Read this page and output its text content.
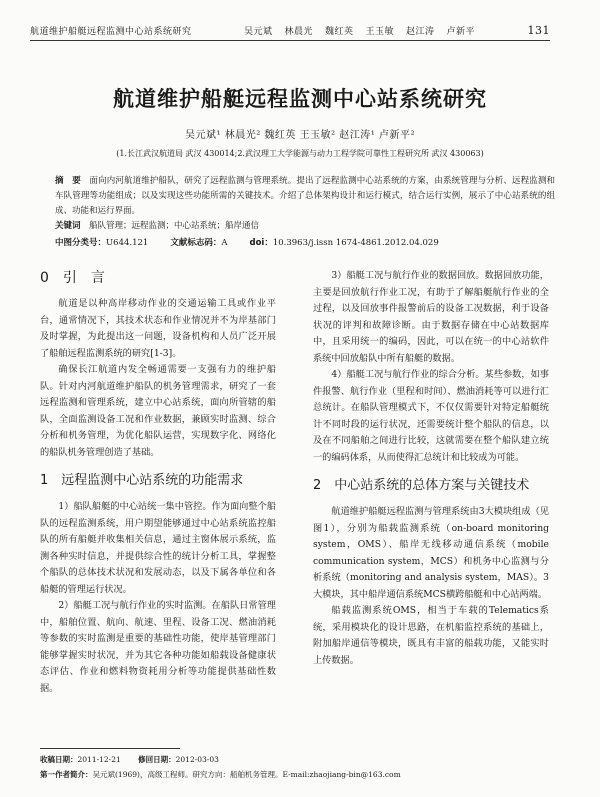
航道维护船艇远程监测中心站系统研究	吴元斌 林晨光 魏红英 王玉敏 赵江涛 卢新平	131
航道维护船艇远程监测中心站系统研究
吴元斌¹ 林晨光² 魏红英 王玉敏² 赵江涛¹ 卢新平²
(1.长江武汉航道局 武汉 430014;2.武汉理工大学能源与动力工程学院可靠性工程研究所 武汉 430063)
摘　要　 面向内河航道维护船队，研究了远程监测与管理系统。提出了远程监测中心站系统的方案，由系统管理与分析、远程监测和车队管理等功能组成；以及实现这些功能所需的关键技术。介绍了总体架构设计和运行模式，结合运行实例，展示了中心站系统的组成、功能和运行界面。
关键词　 船队管理；远程监测；中心站系统；船岸通信
中图分类号：U644.121	文献标志码：A	doi：10.3963/j.issn 1674-4861.2012.04.029
0　引　言

航道是以种高岸移动作业的交通运输工具或作业平台，通常情况下，其技术状态和作业情况并不为岸基部门及时掌握，为此提出这一问题，设备机构和人员广泛开展了船舶远程监测系统的研究[1-3]。

确保长江航道内发全畅通需要一支强有力的维护船队。针对内河航道维护船队的机务管理需求，研究了一套远程监测和管理系统，建立中心站系统，面向所管辖的船队，全面监测设备工况和作业数据，兼顾实时监测、综合分析和机务管理，为优化船队运营，实现数字化、网络化的船队机务管理创造了基础。

1　远程监测中心站系统的功能需求

1）船队船艇的中心站统一集中管控。作为面向整个船队的远程监测系统，用户期望能够通过中心站系统监控船队的所有船艇并收集相关信息，通过主窗体展示系统，监测各种实时信息，并提供综合性的统计分析工具，掌握整个船队的总体技术状况和发展动态，以及下属各单位和各船艇的管理运行状况。

2）船艇工况与航行作业的实时监测。在船队日常管理中，船舶位置、航向、航速、里程、设备工况、燃油消耗等参数的实时监测是重要的基础性功能，使岸基管理部门能够掌握实时状况，并为其它各种功能如船载设备健康状态评估、作业和燃料物资耗用分析等功能提供基础性数据。

3）船艇工况与航行作业的数据回放。数据回放功能，主要是回放航行作业工况，有助于了解船艇航行作业的全过程，以及回放事件报警前后的设备工况数据，利于设备状况的评判和故障诊断。由于数据存储在中心站数据库中，且采用统一的编码，因此，可以在统一的中心站软件系统中回放船队中所有船艇的数据。

4）船艇工况与航行作业的综合分析。某些参数，如事件报警、航行作业（里程和时间）、燃油消耗等可以进行汇总统计。在船队管理模式下，不仅仅需要针对特定船艇统计不同时段的运行状况，还需要统计整个船队的信息，以及在不同船舶之间进行比较，这就需要在整个船队建立统一的编码体系，从而使得汇总统计和比较成为可能。

2　中心站系统的总体方案与关键技术

航道维护船艇远程监测与管理系统由3大模块组成（见图1），分别为船载监测系统（on-board monitoring system，OMS）、船岸无线移动通信系统（mobile communication system，MCS）和机务中心监测与分析系统（monitoring and analysis system，MAS）。3大模块，其中船岸通信系统MCS横跨船艇和中心站两端。

船载监测系统OMS，相当于车载的Telematics系统，采用模块化的设计思路，在机船监控系统的基础上，附加船岸通信等模块，既具有丰富的船载功能，又能实时上传数据。

收稿日期：2011-12-21　　 修回日期：2012-03-03
第一作者简介：吴元斌(1969)，高级工程师。研究方向：船舶机务管理。E-mail:zhaojiang-bin@163.com
